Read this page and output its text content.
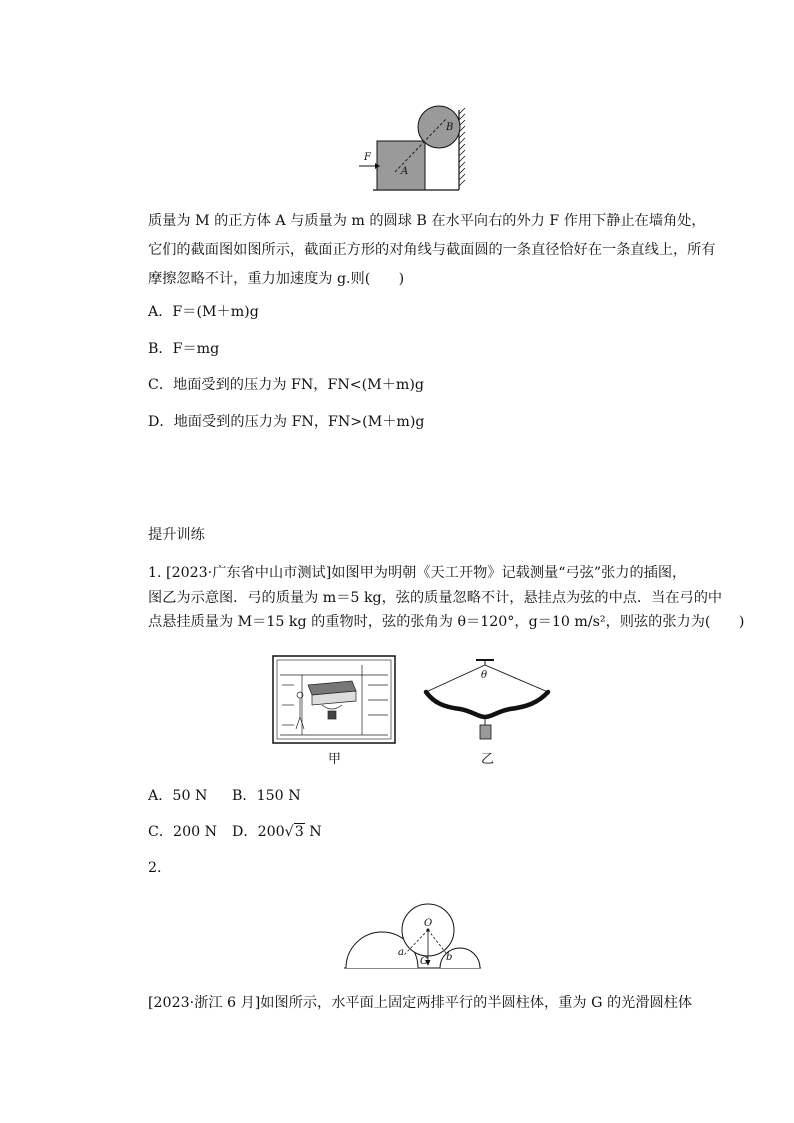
B
A
F
质量为 M 的正方体 A 与质量为 m 的圆球 B 在水平向右的外力 F 作用下静止在墙角处，
它们的截面图如图所示，截面正方形的对角线与截面圆的一条直径恰好在一条直线上，所有
摩擦忽略不计，重力加速度为 g.则(　　)
A．F＝(M＋m)g
B．F＝mg
C．地面受到的压力为 FN，FN<(M＋m)g
D．地面受到的压力为 FN，FN>(M＋m)g
提升训练
1. [2023·广东省中山市测试]如图甲为明朝《天工开物》记载测量“弓弦”张力的插图，
图乙为示意图．弓的质量为 m＝5 kg，弦的质量忽略不计，悬挂点为弦的中点．当在弓的中
点悬挂质量为 M＝15 kg 的重物时，弦的张角为 θ＝120°，g＝10 m/s²，则弦的张力为(　　)
甲
θ
乙
A．50 N B．150 N
C．200 N D．200√3 N
2.
O
a	b
G
[2023·浙江 6 月]如图所示，水平面上固定两排平行的半圆柱体，重为 G 的光滑圆柱体
